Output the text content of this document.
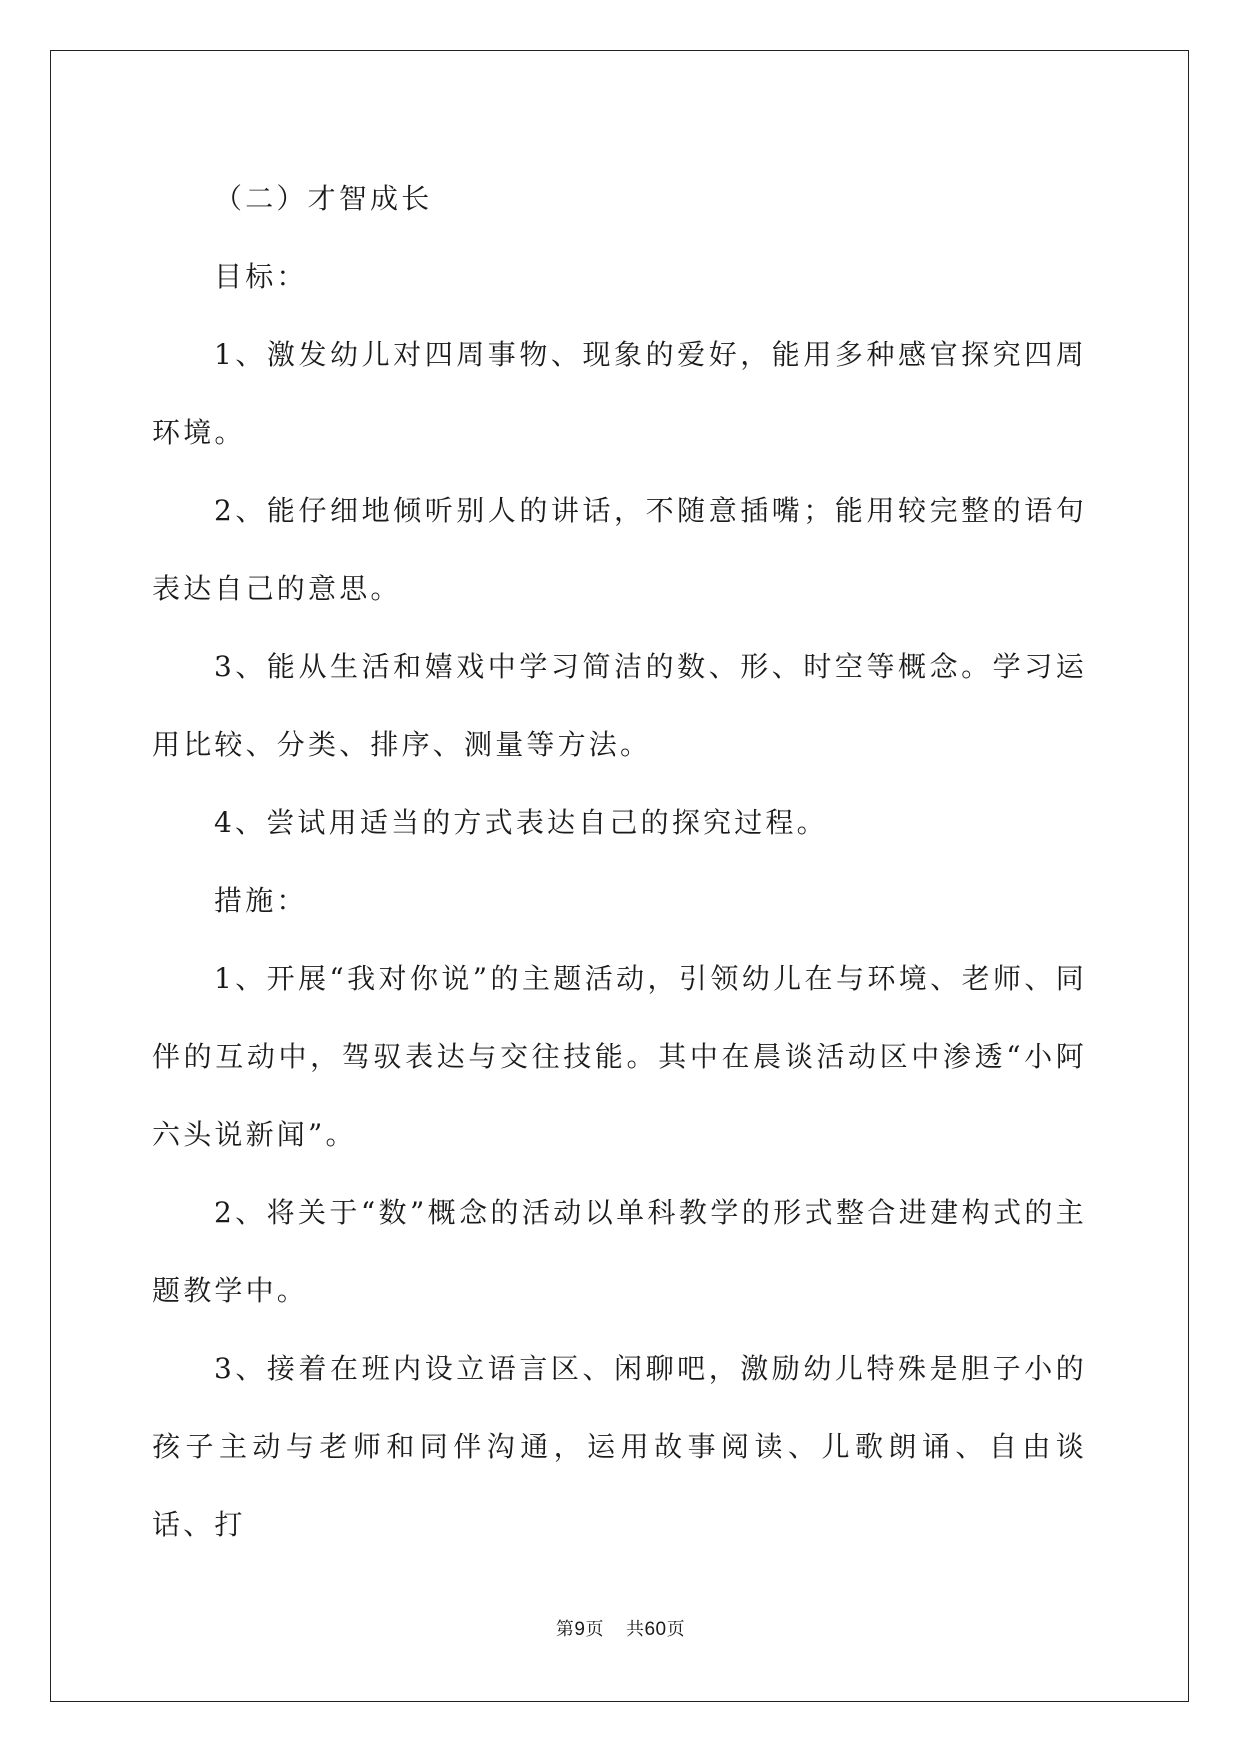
（二）才智成长

目标：

1、激发幼儿对四周事物、现象的爱好，能用多种感官探究四周环境。

2、能仔细地倾听别人的讲话，不随意插嘴；能用较完整的语句表达自己的意思。

3、能从生活和嬉戏中学习简洁的数、形、时空等概念。学习运用比较、分类、排序、测量等方法。

4、尝试用适当的方式表达自己的探究过程。

措施：

1、开展“我对你说”的主题活动，引领幼儿在与环境、老师、同伴的互动中，驾驭表达与交往技能。其中在晨谈活动区中渗透“小阿六头说新闻”。

2、将关于“数”概念的活动以单科教学的形式整合进建构式的主题教学中。

3、接着在班内设立语言区、闲聊吧，激励幼儿特殊是胆子小的孩子主动与老师和同伴沟通，运用故事阅读、儿歌朗诵、自由谈话、打

第9页 共60页
